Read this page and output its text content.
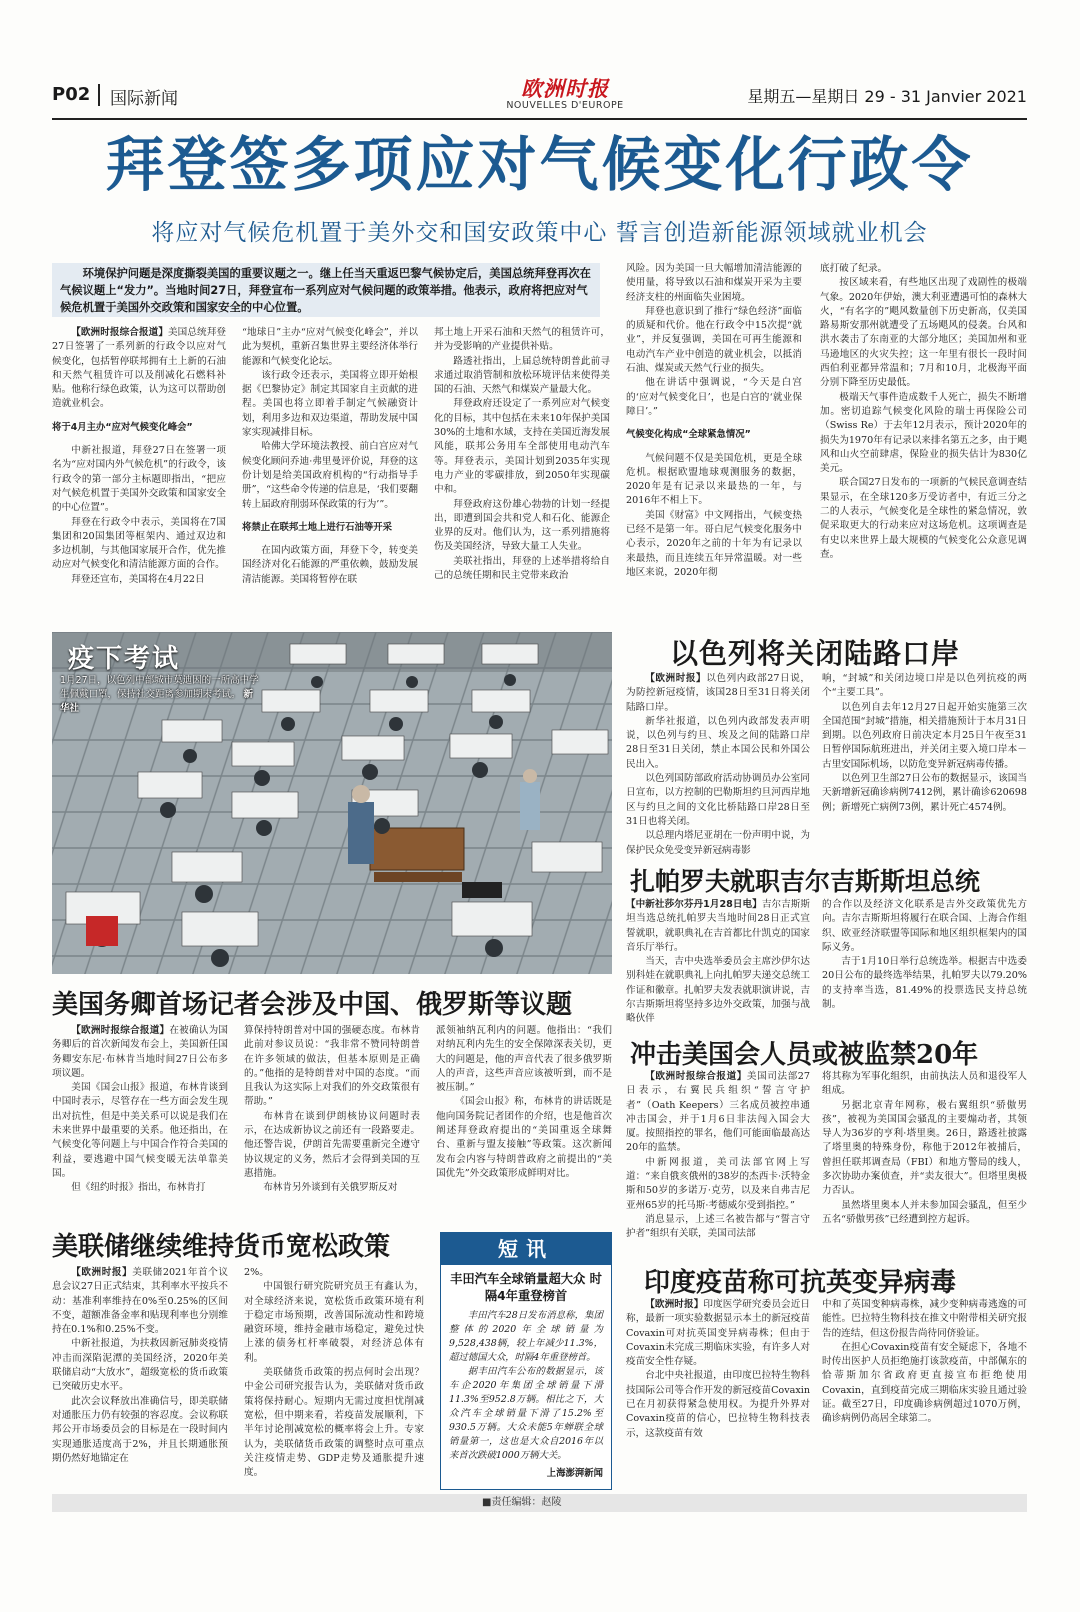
P02 国际新闻	欧洲时报
NOUVELLES D'EUROPE	星期五—星期日 29 - 31 Janvier 2021
拜登签多项应对气候变化行政令
将应对气候危机置于美外交和国安政策中心 誓言创造新能源领域就业机会
环境保护问题是深度撕裂美国的重要议题之一。继上任当天重返巴黎气候协定后，美国总统拜登再次在气候议题上“发力”。当地时间27日，拜登宣布一系列应对气候问题的政策举措。他表示，政府将把应对气候危机置于美国外交政策和国家安全的中心位置。

【欧洲时报综合报道】美国总统拜登27日签署了一系列新的行政令以应对气候变化，包括暂停联邦拥有土上新的石油和天然气租赁许可以及削减化石燃料补贴。他称行绿色政策，认为这可以帮助创造就业机会。

将于4月主办“应对气候变化峰会”

中新社报道，拜登27日在签署一项名为“应对国内外气候危机”的行政令，该行政令的第一部分主标题即指出，“把应对气候危机置于美国外交政策和国家安全的中心位置”。

拜登在行政令中表示，美国将在7国集团和20国集团等框架内、通过双边和多边机制，与其他国家展开合作，优先推动应对气候变化和清洁能源方面的合作。

拜登还宣布，美国将在4月22日

“地球日”主办“应对气候变化峰会”，并以此为契机，重新召集世界主要经济体举行能源和气候变化论坛。

该行政令还表示，美国将立即开始根据《巴黎协定》制定其国家自主贡献的进程。美国也将立即着手制定气候融资计划，利用多边和双边渠道，帮助发展中国家实现减排目标。

哈佛大学环境法教授、前白宫应对气候变化顾问乔迪·弗里曼评价说，拜登的这份计划是给美国政府机构的“行动指导手册”，“这些命令传递的信息是，‘我们要翻转上届政府削弱环保政策的行为’”。

将禁止在联邦土地上进行石油等开采

在国内政策方面，拜登下令，转变美国经济对化石能源的严重依赖，鼓励发展清洁能源。美国将暂停在联

邦土地上开采石油和天然气的租赁许可，并为受影响的产业提供补贴。

路透社指出，上届总统特朗普此前寻求通过取消管制和放松环境评估来使得美国的石油、天然气和煤炭产量最大化。

拜登政府还设定了一系列应对气候变化的目标，其中包括在未来10年保护美国30%的土地和水域，支持在美国近海发展风能，联邦公务用车全部使用电动汽车等。拜登表示，美国计划到2035年实现电力产业的零碳排放，到2050年实现碳中和。

拜登政府这份雄心勃勃的计划一经提出，即遭到国会共和党人和石化、能源企业界的反对。他们认为，这一系列措施将伤及美国经济，导致大量工人失业。

美联社指出，拜登的上述举措将给自己的总统任期和民主党带来政治

风险。因为美国一旦大幅增加清洁能源的使用量，将导致以石油和煤炭开采为主要经济支柱的州面临失业困境。

拜登也意识到了推行“绿色经济”面临的质疑和代价。他在行政令中15次提“就业”，并反复强调，美国在可再生能源和电动汽车产业中创造的就业机会，以抵消石油、煤炭或天然气行业的损失。

他在讲话中强调说，“今天是白宫的‘应对气候变化日’，也是白宫的‘就业保障日’。”

气候变化构成“全球紧急情况”

气候问题不仅是美国危机，更是全球危机。根据欧盟地球观测服务的数据，2020年是有记录以来最热的一年，与2016年不相上下。

美国《财富》中文网指出，气候变热已经不是第一年。哥白尼气候变化服务中心表示，2020年之前的十年为有记录以来最热，而且连续五年异常温暖。对一些地区来说，2020年彻

底打破了纪录。

按区域来看，有些地区出现了戏剧性的极端气象。2020年伊始，澳大利亚遭遇可怕的森林大火，“有名字的”飓风数量创下历史新高，仅美国路易斯安那州就遭受了五场飓风的侵袭。台风和洪水袭击了东南亚的大部分地区；美国加州和亚马逊地区的火灾失控；这一年里有很长一段时间西伯利亚都异常温和；7月和10月，北极海平面分别下降至历史最低。

极端天气事件造成数千人死亡，损失不断增加。密切追踪气候变化风险的瑞士再保险公司（Swiss Re）于去年12月表示，预计2020年的损失为1970年有记录以来排名第五之多，由于飓风和山火空前肆虐，保险业的损失估计为830亿美元。

联合国27日发布的一项新的气候民意调查结果显示，在全球120多万受访者中，有近三分之二的人表示，气候变化是全球性的紧急情况，敦促采取更大的行动来应对这场危机。这项调查是有史以来世界上最大规模的气候变化公众意见调查。

疫下考试
1月27日，以色列中部城市莫迪因的一所高中学生佩戴口罩，保持社交距离参加期末考试。 新华社
以色列将关闭陆路口岸

【欧洲时报】以色列内政部27日说，为防控新冠疫情，该国28日至31日将关闭陆路口岸。

新华社报道，以色列内政部发表声明说，以色列与约旦、埃及之间的陆路口岸28日至31日关闭，禁止本国公民和外国公民出入。

以色列国防部政府活动协调员办公室同日宣布，以方控制的巴勒斯坦约旦河西岸地区与约旦之间的文化比桥陆路口岸28日至31日也将关闭。

以总理内塔尼亚胡在一份声明中说，为保护民众免受变异新冠病毒影

响，“封城”和关闭边境口岸是以色列抗疫的两个“主要工具”。

以色列自去年12月27日起开始实施第三次全国范围“封城”措施，相关措施预计于本月31日到期。以色列政府日前决定本月25日午夜至31日暂停国际航班进出，并关闭主要入境口岸本－古里安国际机场，以防危变异新冠病毒传播。

以色列卫生部27日公布的数据显示，该国当天新增新冠确诊病例7412例，累计确诊620698例；新增死亡病例73例，累计死亡4574例。

扎帕罗夫就职吉尔吉斯斯坦总统

【中新社莎尔芬丹1月28日电】吉尔吉斯斯坦当选总统扎帕罗夫当地时间28日正式宣誓就职，就职典礼在吉首都比什凯克的国家音乐厅举行。

当天，吉中央选举委员会主席沙伊尔达别科娃在就职典礼上向扎帕罗夫递交总统工作证和徽章。扎帕罗夫发表就职演讲说，吉尔吉斯斯坦将坚持多边外交政策，加强与战略伙伴

的合作以及经济文化联系是吉外交政策优先方向。吉尔吉斯斯坦将履行在联合国、上海合作组织、欧亚经济联盟等国际和地区组织框架内的国际义务。

吉于1月10日举行总统选举。根据吉中选委20日公布的最终选举结果，扎帕罗夫以79.20%的支持率当选，81.49%的投票选民支持总统制。

美国务卿首场记者会涉及中国、俄罗斯等议题

【欧洲时报综合报道】在被确认为国务卿后的首次新闻发布会上，美国新任国务卿安东尼·布林肯当地时间27日公布多项议题。

美国《国会山报》报道，布林肯谈到中国时表示，尽管存在一些方面会发生现出对抗性，但是中美关系可以说是我们在未来世界中最重要的关系。他还指出，在气候变化等问题上与中国合作符合美国的利益，要逃避中国气候变暖无法单靠美国。

但《纽约时报》指出，布林肯打

算保持特朗普对中国的强硬态度。布林肯此前对参议员说：“我非常不赞同特朗普在许多领域的做法，但基本原则是正确的。”他指的是特朗普对中国的态度。“而且我认为这实际上对我们的外交政策很有帮助。”

布林肯在谈到伊朗核协议问题时表示，在达成新协议之前还有一段路要走。他还警告说，伊朗首先需要重新完全遵守协议规定的义务，然后才会得到美国的互惠措施。

布林肯另外谈到有关俄罗斯反对

派领袖纳瓦利内的问题。他指出：“我们对纳瓦利内先生的安全保障深表关切，更大的问题是，他的声音代表了很多俄罗斯人的声音，这些声音应该被听到，而不是被压制。”

《国会山报》称，布林肯的讲话既是他向国务院记者团作的介绍，也是他首次阐述拜登政府提出的“美国重返全球舞台、重新与盟友接触”等政策。这次新闻发布会内容与特朗普政府之前提出的“美国优先”外交政策形成鲜明对比。

冲击美国会人员或被监禁20年

【欧洲时报综合报道】美国司法部27日表示，右翼民兵组织“誓言守护者”（Oath Keepers）三名成员被控串通冲击国会，并于1月6日非法闯入国会大厦。按照指控的罪名，他们可能面临最高达20年的监禁。

中新网报道，美司法部官网上写道：“来自俄亥俄州的38岁的杰西卡·沃特金斯和50岁的多诺万·克劳，以及来自弗吉尼亚州65岁的托马斯·考德威尔受到指控。”

消息显示，上述三名被告都与“誓言守护者”组织有关联，美国司法部

将其称为军事化组织，由前执法人员和退役军人组成。

另据北京青年网称，极右翼组织“骄傲男孩”，被视为美国国会骚乱的主要煽动者，其领导人为36岁的亨利·塔里奥。26日，路透社披露了塔里奥的特殊身份，称他于2012年被捕后，曾担任联邦调查局（FBI）和地方警局的线人，多次协助办案侦查，并“卖友很大”。但塔里奥极力否认。

虽然塔里奥本人并未参加国会骚乱，但至少五名“骄傲男孩”已经遭到控方起诉。

美联储继续维持货币宽松政策

【欧洲时报】美联储2021年首个议息会议27日正式结束，其利率水平按兵不动：基准利率维持在0%至0.25%的区间不变，超额准备金率和贴现利率也分别维持在0.1%和0.25%不变。

中新社报道，为扶救因新冠肺炎疫情冲击而深陷泥潭的美国经济，2020年美联储启动“大放水”，超级宽松的货币政策已突破历史水平。

此次会议释放出准确信号，即美联储对通胀压力仍有较强的容忍度。会议称联邦公开市场委员会的目标是在一段时间内实现通胀适度高于2%，并且长期通胀预期仍然好地锚定在

2%。

中国银行研究院研究员王有鑫认为，对全球经济来说，宽松货币政策环境有利于稳定市场预期，改善国际流动性和跨境融资环境，维持金融市场稳定，避免过快上涨的债务杠杆率破裂，对经济总体有利。

美联储货币政策的拐点何时会出现？中金公司研究报告认为，美联储对货币政策将保持耐心。短期内无需过度担忧削减宽松，但中期来看，若疫苗发展顺利，下半年讨论削减宽松的概率将会上升。专家认为，美联储货币政策的调整时点可重点关注疫情走势、GDP走势及通胀提升速度。

短讯
丰田汽车全球销量超大众 时隔4年重登榜首

丰田汽车28日发布消息称，集团整体的2020年全球销量为9,528,438辆，较上年减少11.3%，超过德国大众，时隔4年重登榜首。

据丰田汽车公布的数据显示，该车企2020年集团全球销量下滑11.3%至952.8万辆。相比之下，大众汽车全球销量下滑了15.2%至930.5万辆。大众未能5年蝉联全球销量第一，这也是大众自2016年以来首次跌破1000万辆大关。

上海澎湃新闻
印度疫苗称可抗英变异病毒

【欧洲时报】印度医学研究委员会近日称，最新一项实验数据显示本土的新冠疫苗Covaxin可对抗英国变异病毒株；但由于Covaxin未完成三期临床实验，有许多人对疫苗安全性存疑。

台北中央社报道，由印度巴拉特生物科技国际公司等合作开发的新冠疫苗Covaxin已在月初获得紧急使用权。为提升外界对Covaxin疫苗的信心，巴拉特生物科技表示，这款疫苗有效

中和了英国变种病毒株，减少变种病毒逃逸的可能性。巴拉特生物科技在推文中附带相关研究报告的连结，但这份报告尚待同侪验证。

在担心Covaxin疫苗有安全疑虑下，各地不时传出医护人员拒绝施打该款疫苗，中部佩东的恰蒂斯加尔省政府更直接宣布拒绝使用Covaxin，直到疫苗完成三期临床实验且通过验证。截至27日，印度确诊病例超过1070万例，确诊病例仍高居全球第二。

■责任编辑：赵陵
